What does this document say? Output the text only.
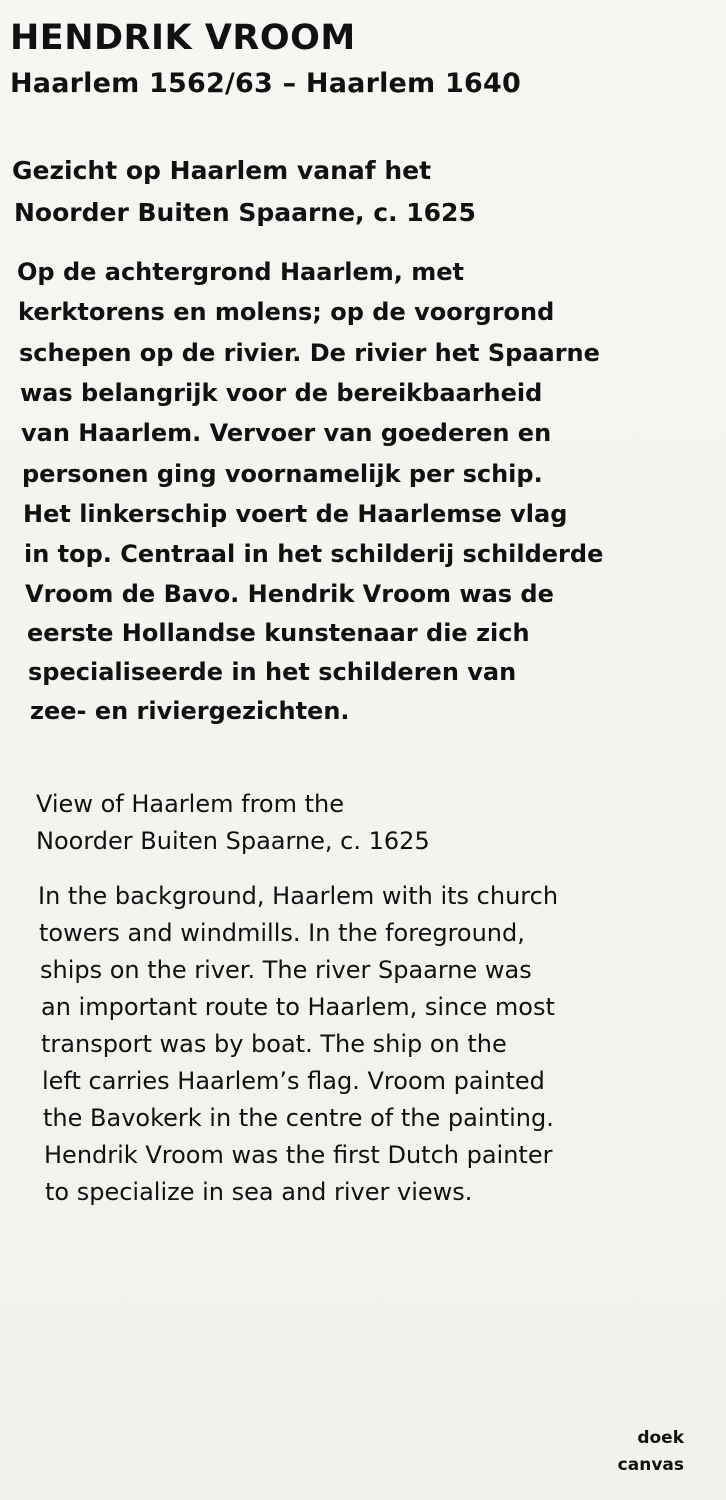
HENDRIK VROOM

Haarlem 1562/63 – Haarlem 1640

Gezicht op Haarlem vanaf het

Noorder Buiten Spaarne, c. 1625

Op de achtergrond Haarlem, met

kerktorens en molens; op de voorgrond

schepen op de rivier. De rivier het Spaarne

was belangrijk voor de bereikbaarheid

van Haarlem. Vervoer van goederen en

personen ging voornamelijk per schip.

Het linkerschip voert de Haarlemse vlag

in top. Centraal in het schilderij schilderde

Vroom de Bavo. Hendrik Vroom was de

eerste Hollandse kunstenaar die zich

specialiseerde in het schilderen van

zee- en riviergezichten.

View of Haarlem from the

Noorder Buiten Spaarne, c. 1625

In the background, Haarlem with its church

towers and windmills. In the foreground,

ships on the river. The river Spaarne was

an important route to Haarlem, since most

transport was by boat. The ship on the

left carries Haarlem’s flag. Vroom painted

the Bavokerk in the centre of the painting.

Hendrik Vroom was the first Dutch painter

to specialize in sea and river views.

doek

canvas
